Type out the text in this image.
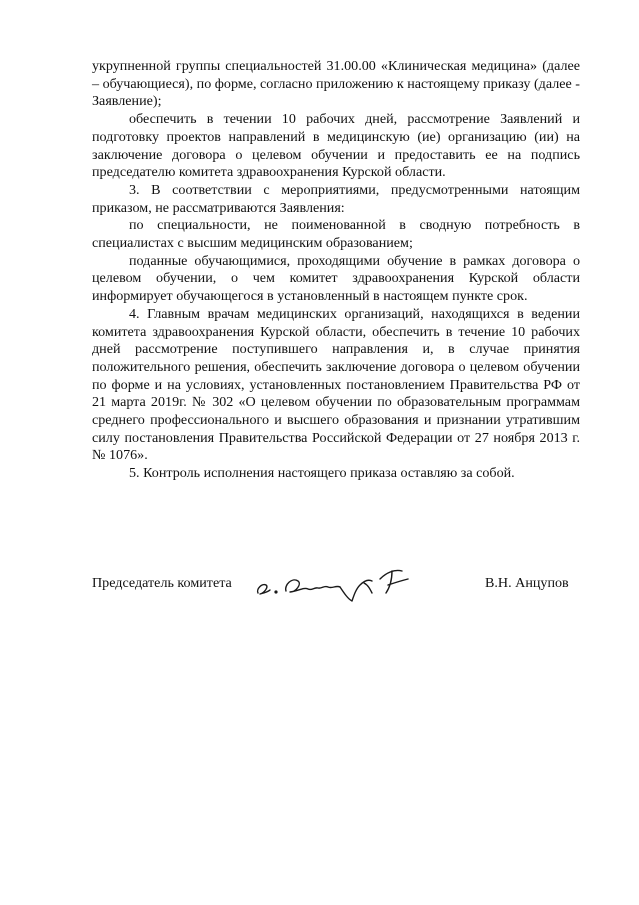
укрупненной группы специальностей 31.00.00 «Клиническая медицина» (далее – обучающиеся), по форме, согласно приложению к настоящему приказу (далее - Заявление);

обеспечить в течении 10 рабочих дней, рассмотрение Заявлений и подготовку проектов направлений в медицинскую (ие) организацию (ии) на заключение договора о целевом обучении и предоставить ее на подпись председателю комитета здравоохранения Курской области.

3. В соответствии с мероприятиями, предусмотренными натоящим приказом, не рассматриваются Заявления:

по специальности, не поименованной в сводную потребность в специалистах с высшим медицинским образованием;

поданные обучающимися, проходящими обучение в рамках договора о целевом обучении, о чем комитет здравоохранения Курской области информирует обучающегося в установленный в настоящем пункте срок.

4. Главным врачам медицинских организаций, находящихся в ведении комитета здравоохранения Курской области, обеспечить в течение 10 рабочих дней рассмотрение поступившего направления и, в случае принятия положительного решения, обеспечить заключение договора о целевом обучении по форме и на условиях, установленных постановлением Правительства РФ от 21 марта 2019г. № 302 «О целевом обучении по образовательным программам среднего профессионального и высшего образования и признании утратившим силу постановления Правительства Российской Федерации от 27 ноября 2013 г. № 1076».

5. Контроль исполнения настоящего приказа оставляю за собой.

Председатель комитета	В.Н. Анцупов
